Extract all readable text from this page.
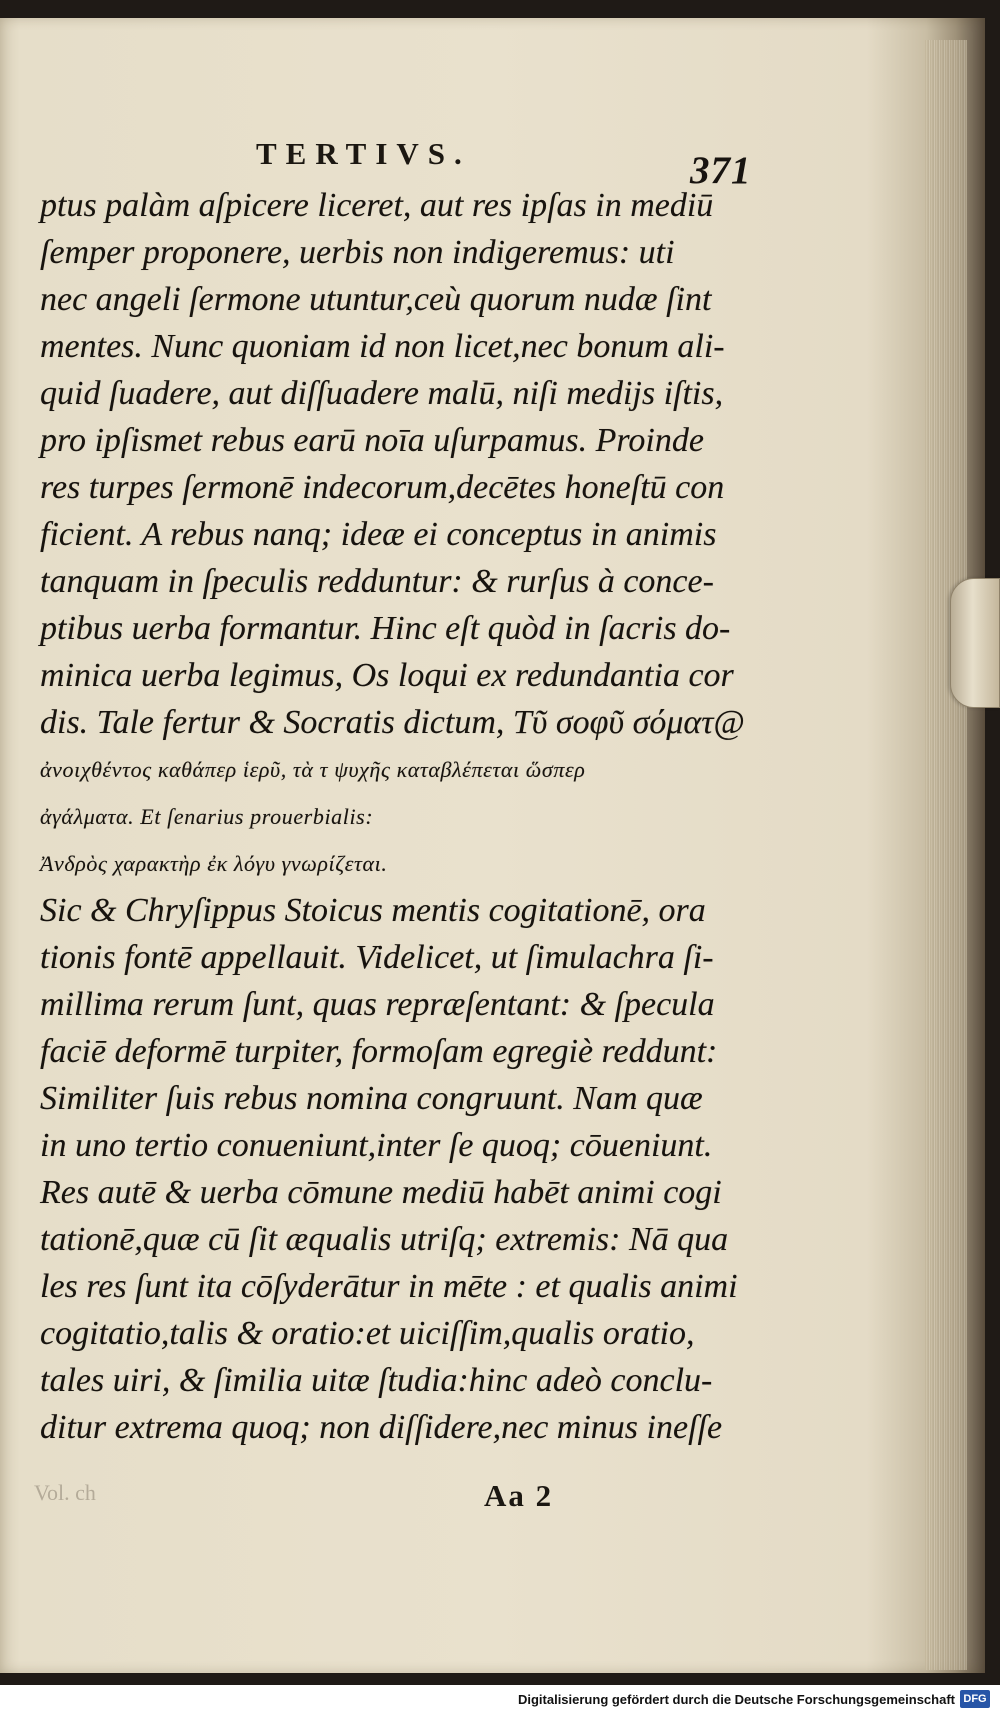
TERTIVS.	371
ptus palàm aſpicere liceret, aut res ipſas in mediū
ſemper proponere, uerbis non indigeremus: uti
nec angeli ſermone utuntur,ceù quorum nudæ ſint
mentes. Nunc quoniam id non licet,nec bonum ali-
quid ſuadere, aut diſſuadere malū, niſi medijs iſtis,
pro ipſismet rebus earū noīa uſurpamus. Proinde
res turpes ſermonē indecorum,decētes honeſtū con
ficient. A rebus nanq; ideæ ei conceptus in animis
tanquam in ſpeculis redduntur: & rurſus à conce-
ptibus uerba formantur. Hinc eſt quòd in ſacris do-
minica uerba legimus, Os loqui ex redundantia cor
dis. Tale fertur & Socratis dictum, Τῦ σοφῦ σόματ@
ἀνοιχθέντος καθάπερ ἱερῦ, τὰ τ ψυχῆς καταβλέπεται ὥσπερ
ἀγάλματα. Et ſenarius prouerbialis:
Ἀνδρὸς χαρακτὴρ ἐκ λόγυ γνωρίζεται.
Sic & Chryſippus Stoicus mentis cogitationē, ora
tionis fontē appellauit. Videlicet, ut ſimulachra ſi-
millima rerum ſunt, quas repræſentant: & ſpecula
faciē deformē turpiter, formoſam egregiè reddunt:
Similiter ſuis rebus nomina congruunt. Nam quæ
in uno tertio conueniunt,inter ſe quoq; cōueniunt.
Res autē & uerba cōmune mediū habēt animi cogi
tationē,quæ cū ſit æqualis utriſq; extremis: Nā qua
les res ſunt ita cōſyderātur in mēte : et qualis animi
cogitatio,talis & oratio:et uiciſſim,qualis oratio,
tales uiri, & ſimilia uitæ ſtudia:hinc adeò conclu-
ditur extrema quoq; non diſſidere,nec minus ineſſe
Vol. ch	Aa 2
Digitalisierung gefördert durch die Deutsche Forschungsgemeinschaft DFG
